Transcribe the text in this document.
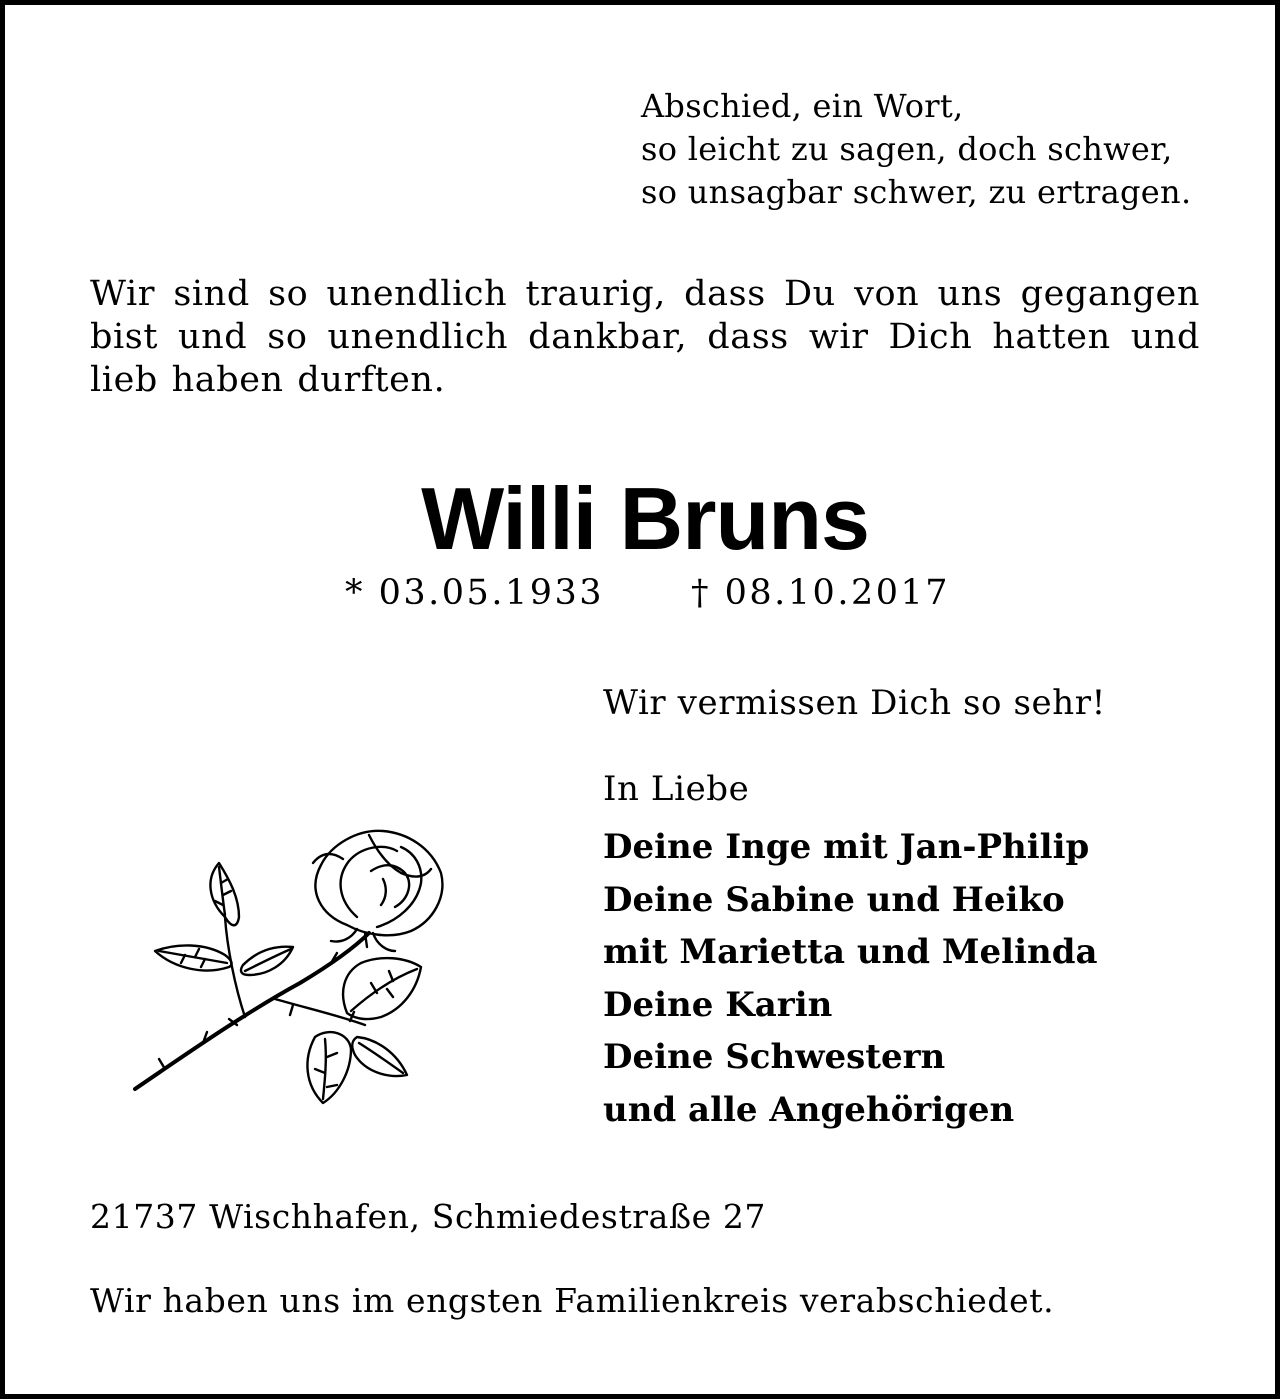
Abschied, ein Wort,
so leicht zu sagen, doch schwer,
so unsagbar schwer, zu ertragen.
Wir sind so unendlich traurig, dass Du von uns gegangen bist und so unendlich dankbar, dass wir Dich hatten und lieb haben durften.
Willi Bruns
* 03.05.1933 † 08.10.2017
Wir vermissen Dich so sehr!
In Liebe
Deine Inge mit Jan-Philip
Deine Sabine und Heiko
mit Marietta und Melinda
Deine Karin
Deine Schwestern
und alle Angehörigen
21737 Wischhafen, Schmiedestraße 27
Wir haben uns im engsten Familienkreis verabschiedet.
